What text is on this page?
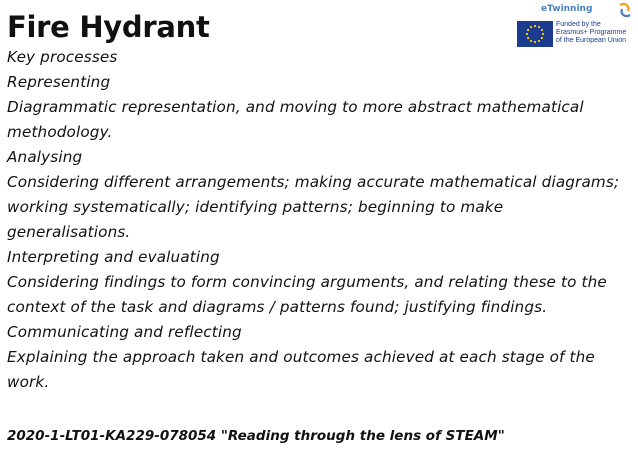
Fire Hydrant
eTwinning
Funded by the
Erasmus+ Programme
of the European Union
Key processes
Representing
Diagrammatic representation, and moving to more abstract mathematical
methodology.
Analysing
Considering different arrangements; making accurate mathematical diagrams;
working systematically; identifying patterns; beginning to make
generalisations.
Interpreting and evaluating
Considering findings to form convincing arguments, and relating these to the
context of the task and diagrams / patterns found; justifying findings.
Communicating and reflecting
Explaining the approach taken and outcomes achieved at each stage of the
work.
2020-1-LT01-KA229-078054 "Reading through the lens of STEAM"
